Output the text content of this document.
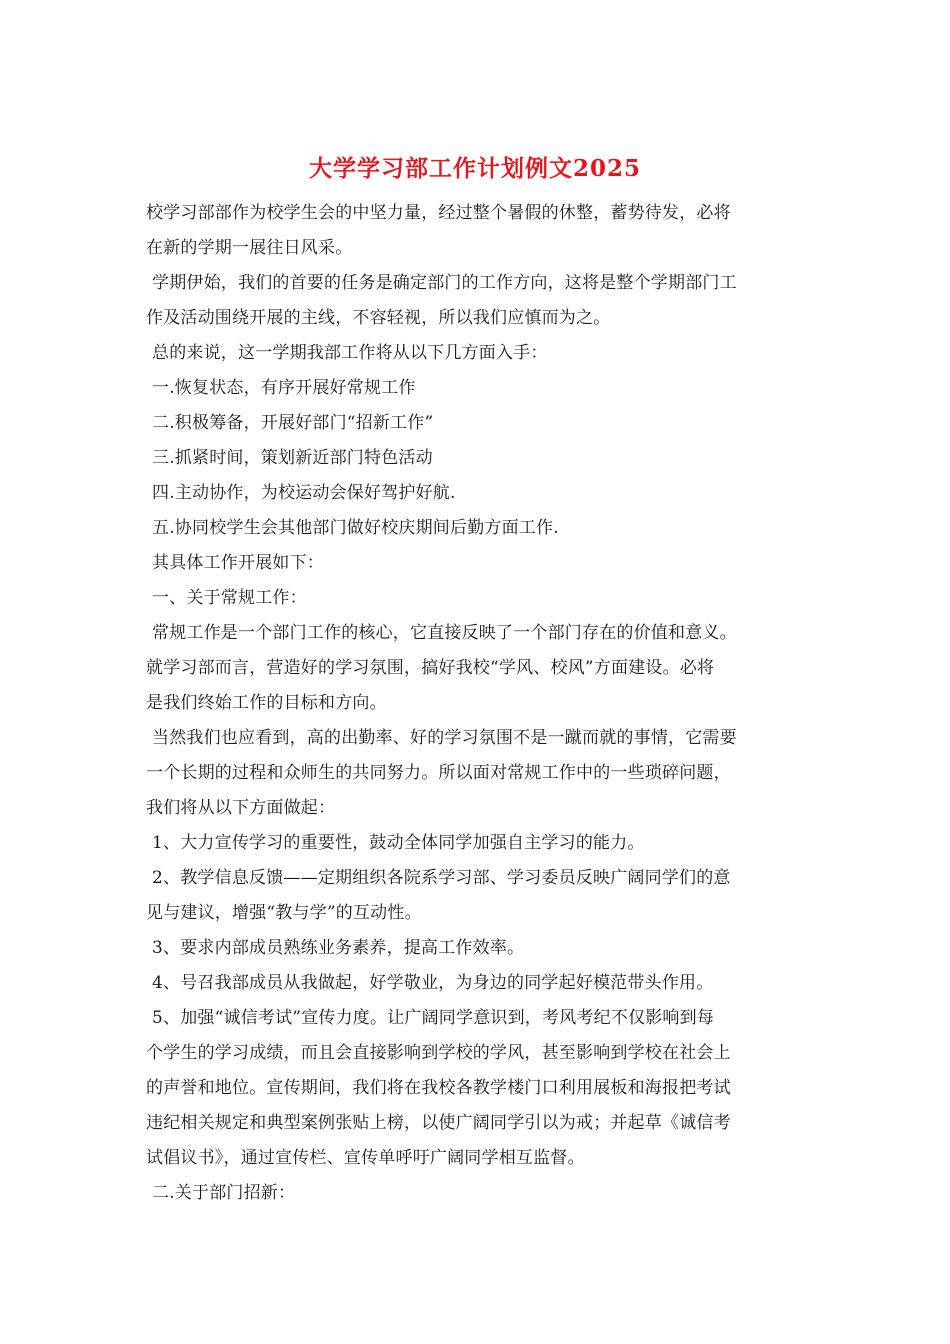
大学学习部工作计划例文2025

校学习部部作为校学生会的中坚力量，经过整个暑假的休整，蓄势待发，必将

在新的学期一展往日风采。

学期伊始，我们的首要的任务是确定部门的工作方向，这将是整个学期部门工

作及活动围绕开展的主线，不容轻视，所以我们应慎而为之。

总的来说，这一学期我部工作将从以下几方面入手：

一.恢复状态，有序开展好常规工作

二.积极筹备，开展好部门“招新工作”

三.抓紧时间，策划新近部门特色活动

四.主动协作，为校运动会保好驾护好航.

五.协同校学生会其他部门做好校庆期间后勤方面工作.

其具体工作开展如下：

一、关于常规工作：

常规工作是一个部门工作的核心，它直接反映了一个部门存在的价值和意义。

就学习部而言，营造好的学习氛围，搞好我校“学风、校风”方面建设。必将

是我们终始工作的目标和方向。

当然我们也应看到，高的出勤率、好的学习氛围不是一蹴而就的事情，它需要

一个长期的过程和众师生的共同努力。所以面对常规工作中的一些琐碎问题，

我们将从以下方面做起：

1、大力宣传学习的重要性，鼓动全体同学加强自主学习的能力。

2、教学信息反馈——定期组织各院系学习部、学习委员反映广阔同学们的意

见与建议，增强“教与学”的互动性。

3、要求内部成员熟练业务素养，提高工作效率。

4、号召我部成员从我做起，好学敬业，为身边的同学起好模范带头作用。

5、加强“诚信考试”宣传力度。让广阔同学意识到，考风考纪不仅影响到每

个学生的学习成绩，而且会直接影响到学校的学风，甚至影响到学校在社会上

的声誉和地位。宣传期间，我们将在我校各教学楼门口利用展板和海报把考试

违纪相关规定和典型案例张贴上榜，以使广阔同学引以为戒；并起草《诚信考

试倡议书》，通过宣传栏、宣传单呼吁广阔同学相互监督。

二.关于部门招新：
